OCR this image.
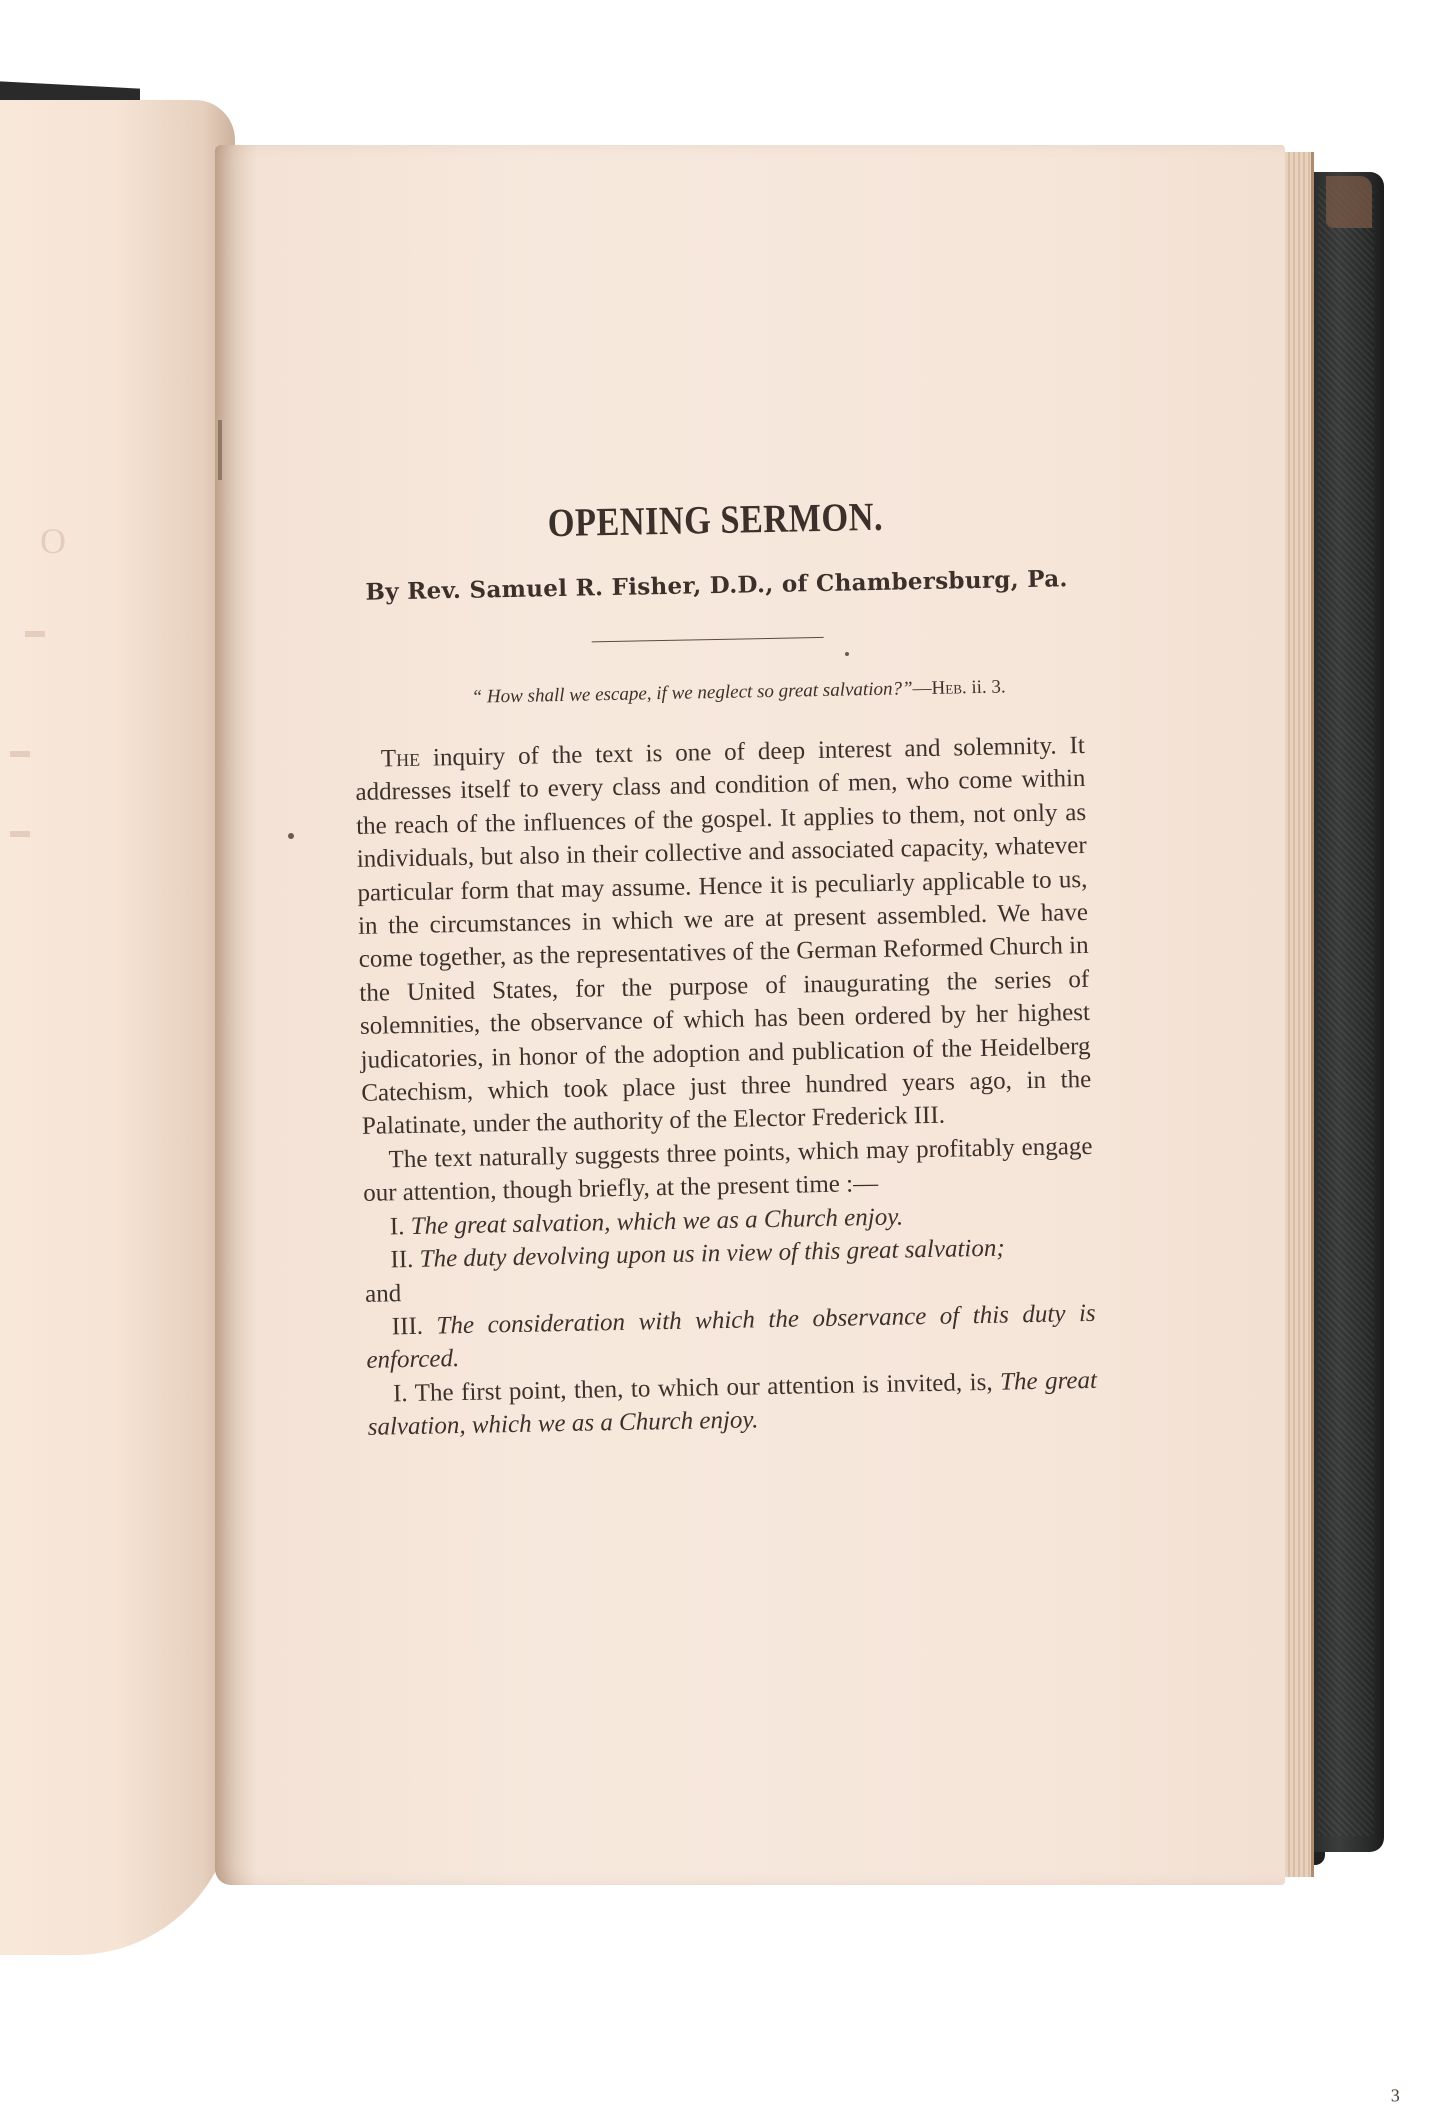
O
▬
▬
▬
OPENING SERMON.
By Rev. Samuel R. Fisher, D.D., of Chambersburg, Pa.
“ How shall we escape, if we neglect so great salvation?”—Heb. ii. 3.

The inquiry of the text is one of deep interest and solemnity. It addresses itself to every class and condition of men, who come within the reach of the influences of the gospel. It applies to them, not only as individuals, but also in their collective and associated capacity, whatever particular form that may assume. Hence it is peculiarly applicable to us, in the circumstances in which we are at present assembled. We have come together, as the representatives of the German Reformed Church in the United States, for the purpose of inaugurating the series of solemnities, the observance of which has been ordered by her highest judicatories, in honor of the adoption and publication of the Heidelberg Catechism, which took place just three hundred years ago, in the Palatinate, under the authority of the Elector Frederick III.

The text naturally suggests three points, which may profitably engage our attention, though briefly, at the present time :—

I. The great salvation, which we as a Church enjoy.
II. The duty devolving upon us in view of this great salvation;
and
III. The consideration with which the observance of this duty is enforced.

I. The first point, then, to which our attention is invited, is, The great salvation, which we as a Church enjoy.

3
